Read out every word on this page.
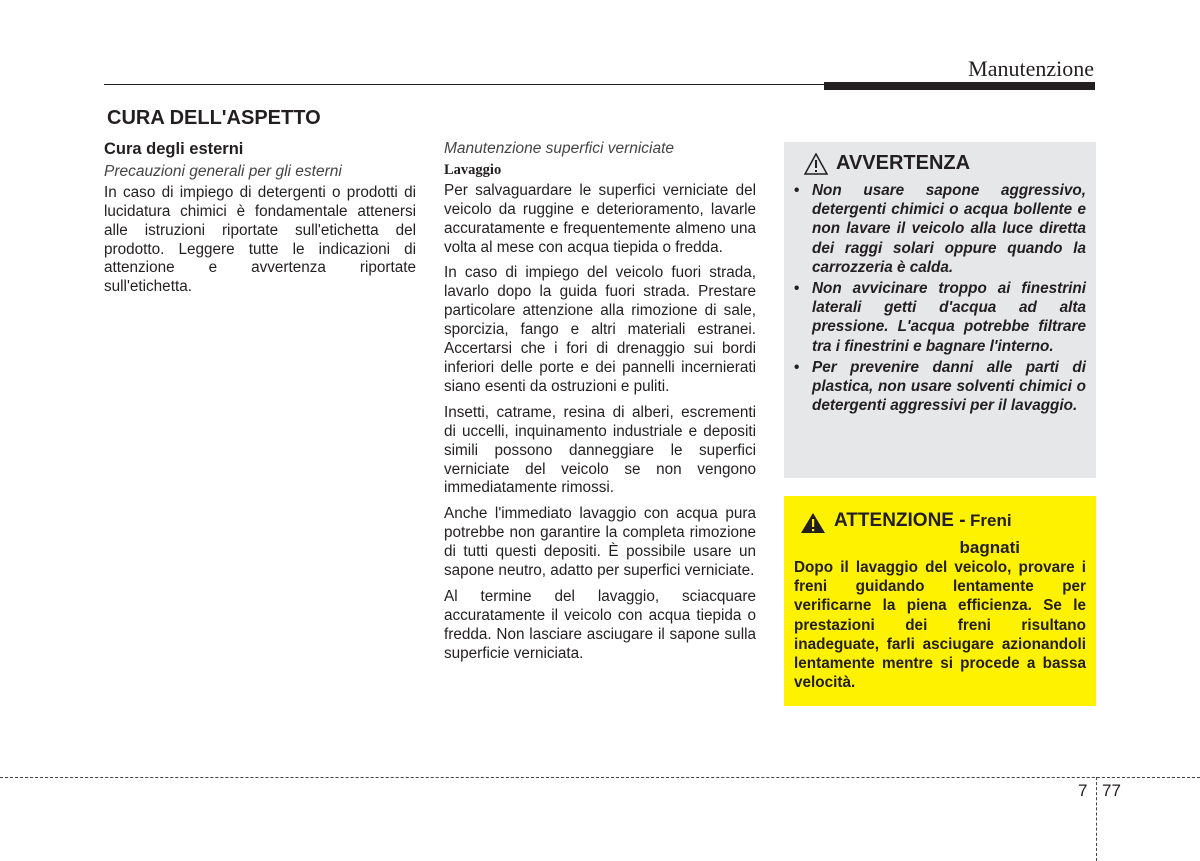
Manutenzione
CURA DELL'ASPETTO
Cura degli esterni
Precauzioni generali per gli esterni

In caso di impiego di detergenti o prodotti di lucidatura chimici è fondamentale attenersi alle istruzioni riportate sull'etichetta del prodotto. Leggere tutte le indicazioni di attenzione e avvertenza riportate sull'etichetta.

Manutenzione superfici verniciate
Lavaggio

Per salvaguardare le superfici verniciate del veicolo da ruggine e deterioramento, lavarle accuratamente e frequentemente almeno una volta al mese con acqua tiepida o fredda.

In caso di impiego del veicolo fuori strada, lavarlo dopo la guida fuori strada. Prestare particolare attenzione alla rimozione di sale, sporcizia, fango e altri materiali estranei. Accertarsi che i fori di drenaggio sui bordi inferiori delle porte e dei pannelli incernierati siano esenti da ostruzioni e puliti.

Insetti, catrame, resina di alberi, escrementi di uccelli, inquinamento industriale e depositi simili possono danneggiare le superfici verniciate del veicolo se non vengono immediatamente rimossi.

Anche l'immediato lavaggio con acqua pura potrebbe non garantire la completa rimozione di tutti questi depositi. È possibile usare un sapone neutro, adatto per superfici verniciate.

Al termine del lavaggio, sciacquare accuratamente il veicolo con acqua tiepida o fredda. Non lasciare asciugare il sapone sulla superficie verniciata.

AVVERTENZA
• Non usare sapone aggressivo, detergenti chimici o acqua bollente e non lavare il veicolo alla luce diretta dei raggi solari oppure quando la carrozzeria è calda.
• Non avvicinare troppo ai finestrini laterali getti d'acqua ad alta pressione. L'acqua potrebbe filtrare tra i finestrini e bagnare l'interno.
• Per prevenire danni alle parti di plastica, non usare solventi chimici o detergenti aggressivi per il lavaggio.
ATTENZIONE - Freni
bagnati

Dopo il lavaggio del veicolo, provare i freni guidando lentamente per verificarne la piena efficienza. Se le prestazioni dei freni risultano inadeguate, farli asciugare azionandoli lentamente mentre si procede a bassa velocità.

7 77
